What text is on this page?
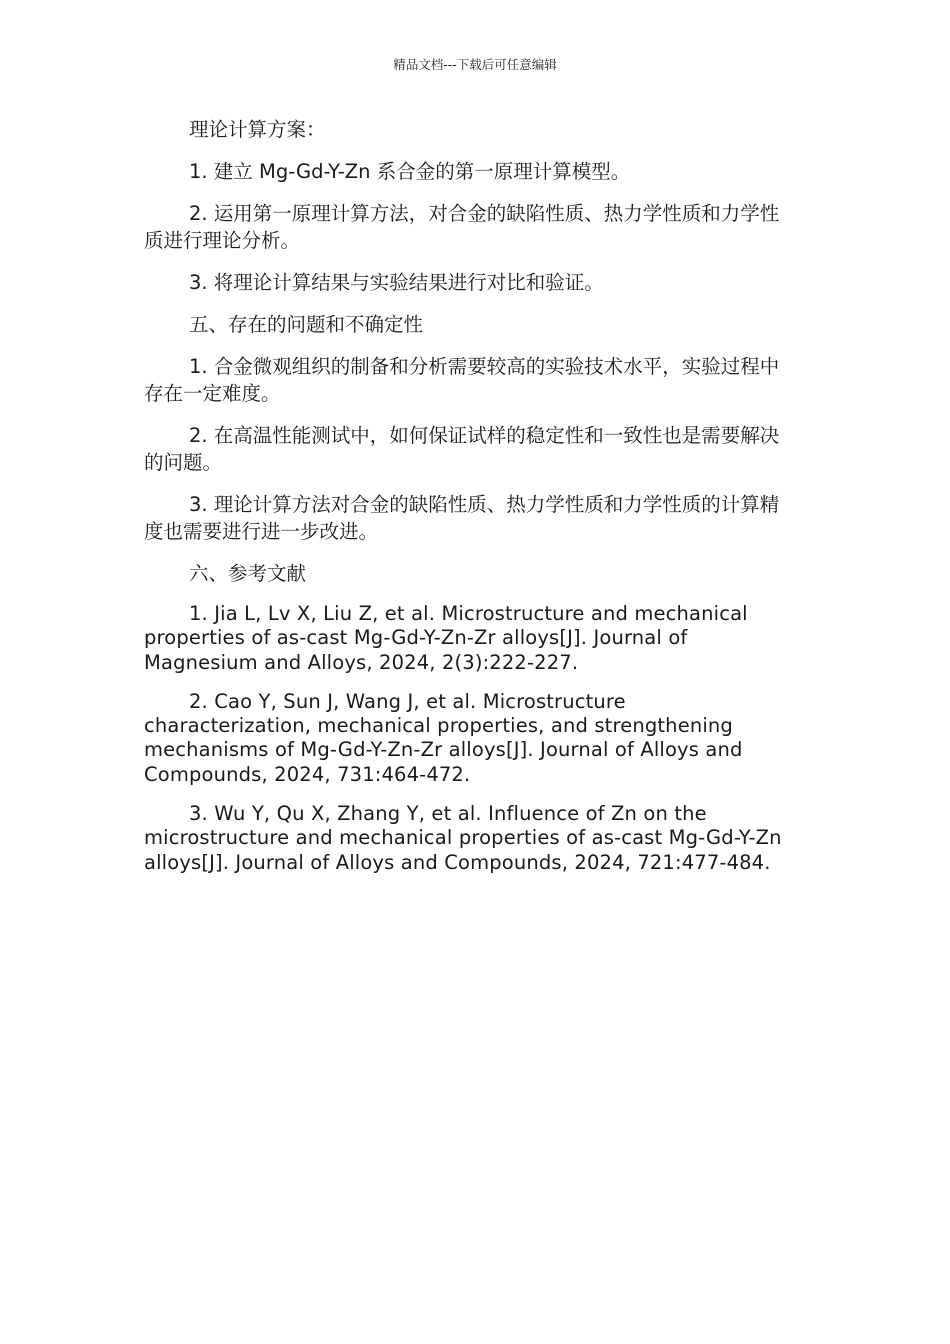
精品文档---下载后可任意编辑

理论计算方案：

1. 建立 Mg-Gd-Y-Zn 系合金的第一原理计算模型。

2. 运用第一原理计算方法，对合金的缺陷性质、热力学性质和力学性质进行理论分析。

3. 将理论计算结果与实验结果进行对比和验证。

五、存在的问题和不确定性

1. 合金微观组织的制备和分析需要较高的实验技术水平，实验过程中存在一定难度。

2. 在高温性能测试中，如何保证试样的稳定性和一致性也是需要解决的问题。

3. 理论计算方法对合金的缺陷性质、热力学性质和力学性质的计算精度也需要进行进一步改进。

六、参考文献

1. Jia L, Lv X, Liu Z, et al. Microstructure and mechanical properties of as-cast Mg-Gd-Y-Zn-Zr alloys[J]. Journal of Magnesium and Alloys, 2024, 2(3):222-227.

2. Cao Y, Sun J, Wang J, et al. Microstructure characterization, mechanical properties, and strengthening mechanisms of Mg-Gd-Y-Zn-Zr alloys[J]. Journal of Alloys and Compounds, 2024, 731:464-472.

3. Wu Y, Qu X, Zhang Y, et al. Influence of Zn on the microstructure and mechanical properties of as-cast Mg-Gd-Y-Zn alloys[J]. Journal of Alloys and Compounds, 2024, 721:477-484.
